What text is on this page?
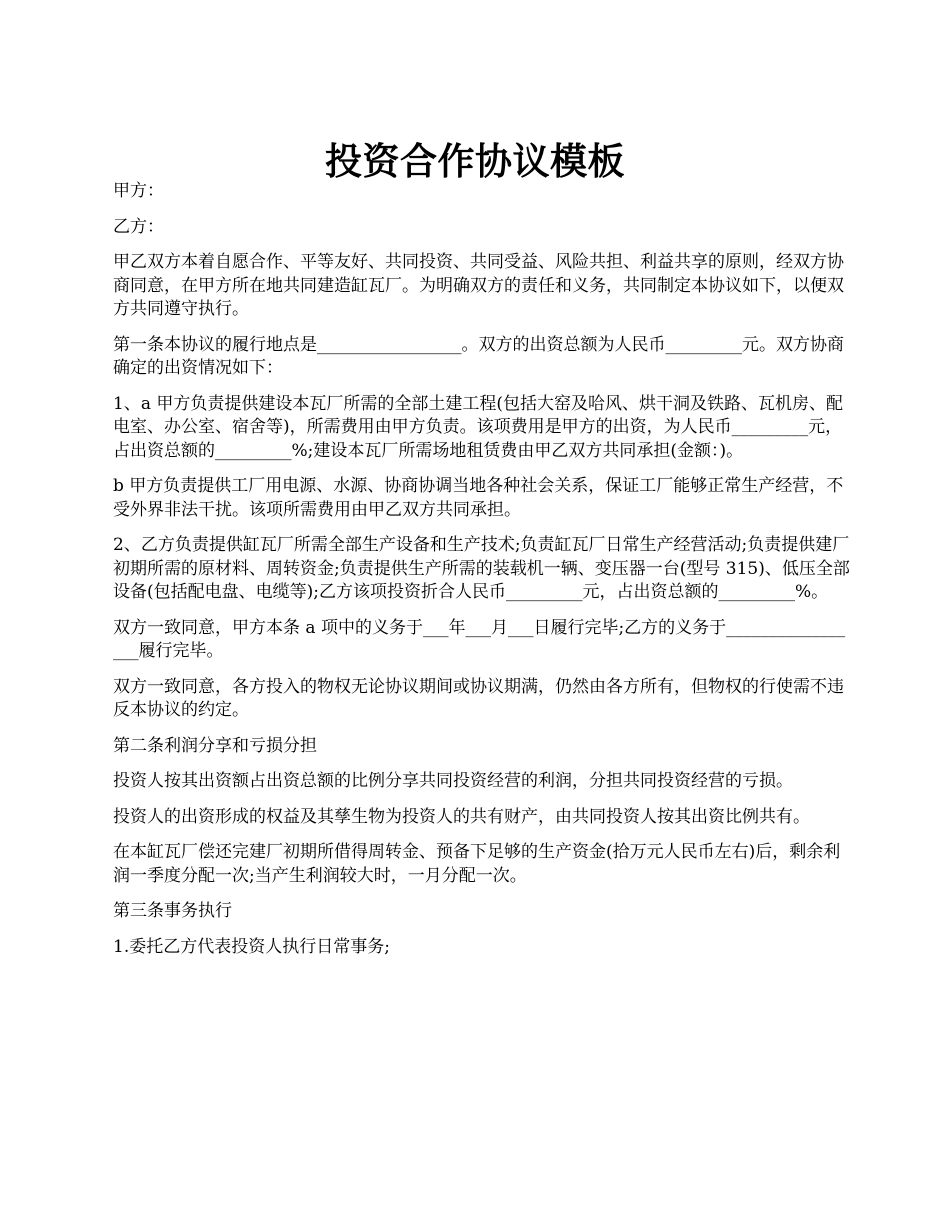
投资合作协议模板

甲方：

乙方：

甲乙双方本着自愿合作、平等友好、共同投资、共同受益、风险共担、利益共享的原则，经双方协商同意，在甲方所在地共同建造缸瓦厂。为明确双方的责任和义务，共同制定本协议如下，以便双方共同遵守执行。

第一条本协议的履行地点是_________________。双方的出资总额为人民币_________元。双方协商确定的出资情况如下：

1、a 甲方负责提供建设本瓦厂所需的全部土建工程(包括大窑及哈风、烘干洞及铁路、瓦机房、配电室、办公室、宿舍等)，所需费用由甲方负责。该项费用是甲方的出资，为人民币_________元，占出资总额的_________%;建设本瓦厂所需场地租赁费由甲乙双方共同承担(金额：)。

b 甲方负责提供工厂用电源、水源、协商协调当地各种社会关系，保证工厂能够正常生产经营，不受外界非法干扰。该项所需费用由甲乙双方共同承担。

2、乙方负责提供缸瓦厂所需全部生产设备和生产技术;负责缸瓦厂日常生产经营活动;负责提供建厂初期所需的原材料、周转资金;负责提供生产所需的装载机一辆、变压器一台(型号 315)、低压全部设备(包括配电盘、电缆等);乙方该项投资折合人民币_________元，占出资总额的_________%。

双方一致同意，甲方本条 a 项中的义务于___年___月___日履行完毕;乙方的义务于_________________履行完毕。

双方一致同意，各方投入的物权无论协议期间或协议期满，仍然由各方所有，但物权的行使需不违反本协议的约定。

第二条利润分享和亏损分担

投资人按其出资额占出资总额的比例分享共同投资经营的利润，分担共同投资经营的亏损。

投资人的出资形成的权益及其孳生物为投资人的共有财产，由共同投资人按其出资比例共有。

在本缸瓦厂偿还完建厂初期所借得周转金、预备下足够的生产资金(拾万元人民币左右)后，剩余利润一季度分配一次;当产生利润较大时，一月分配一次。

第三条事务执行

1.委托乙方代表投资人执行日常事务;
